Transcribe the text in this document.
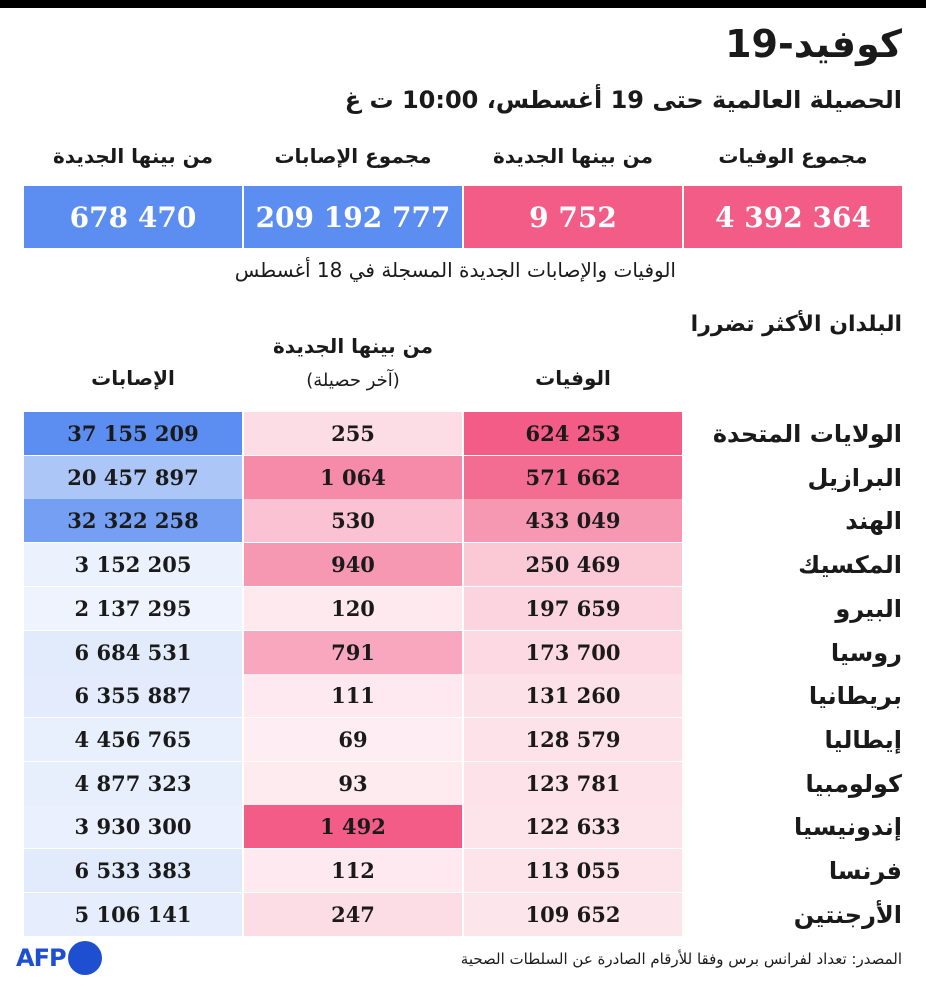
كوفيد-19
الحصيلة العالمية حتى 19 أغسطس، 10:00 ت غ
مجموع الوفيات
من بينها الجديدة
مجموع الإصابات
من بينها الجديدة
4 392 364
9 752
209 192 777
678 470
الوفيات والإصابات الجديدة المسجلة في 18 أغسطس
البلدان الأكثر تضررا
الوفيات
من بينها الجديدة
(آخر حصيلة)
الإصابات
الولايات المتحدة
624 253
255
37 155 209
البرازيل
571 662
1 064
20 457 897
الهند
433 049
530
32 322 258
المكسيك
250 469
940
3 152 205
البيرو
197 659
120
2 137 295
روسيا
173 700
791
6 684 531
بريطانيا
131 260
111
6 355 887
إيطاليا
128 579
69
4 456 765
كولومبيا
123 781
93
4 877 323
إندونيسيا
122 633
1 492
3 930 300
فرنسا
113 055
112
6 533 383
الأرجنتين
109 652
247
5 106 141
المصدر: تعداد لفرانس برس وفقا للأرقام الصادرة عن السلطات الصحية
AFP
